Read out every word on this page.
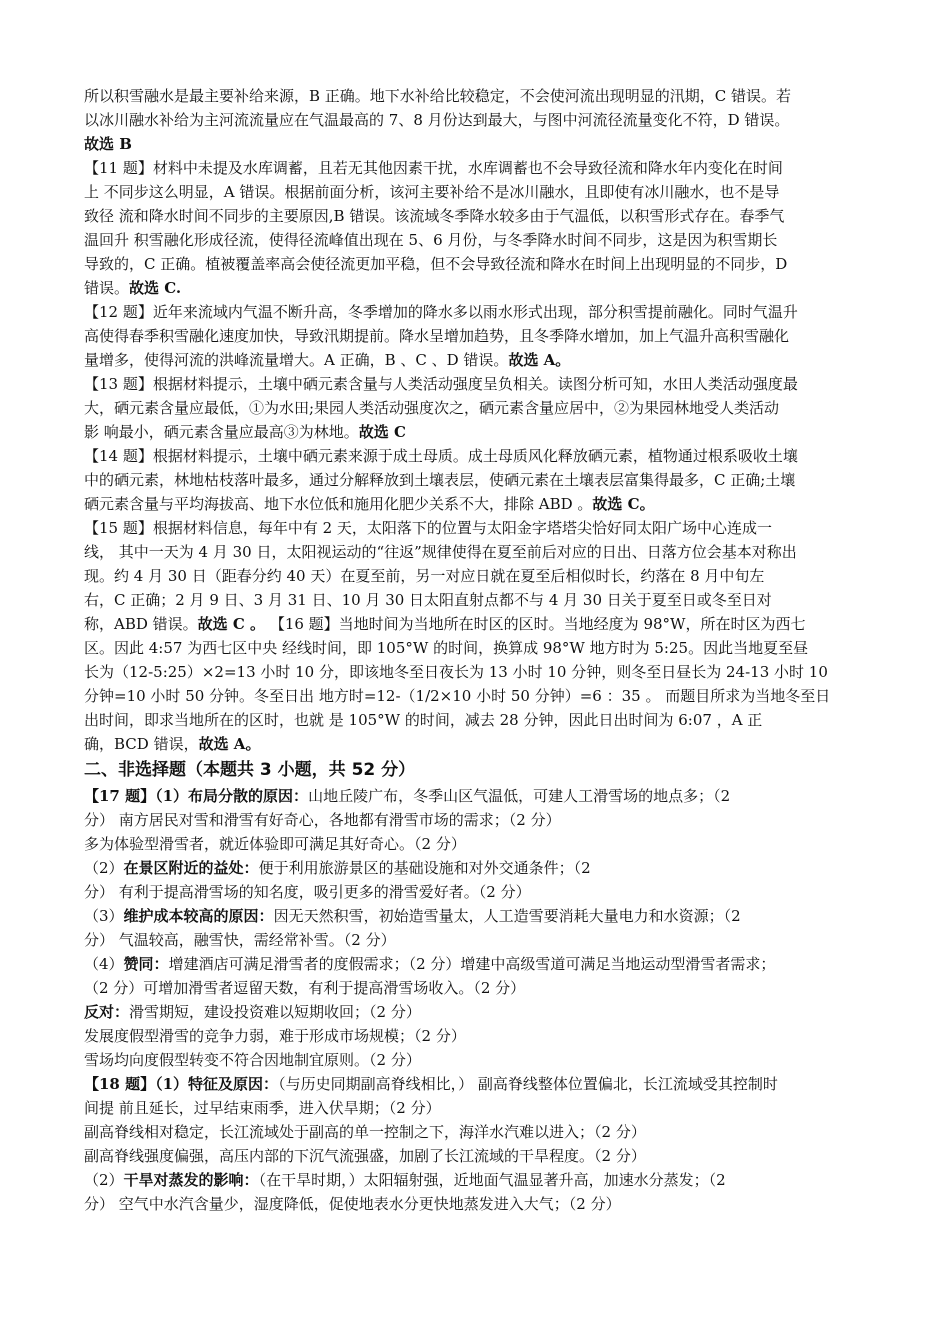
所以积雪融水是最主要补给来源，B 正确。地下水补给比较稳定，不会使河流出现明显的汛期，C 错误。若
以冰川融水补给为主河流流量应在气温最高的 7、8 月份达到最大，与图中河流径流量变化不符，D 错误。
故选 B
【11 题】材料中未提及水库调蓄，且若无其他因素干扰，水库调蓄也不会导致径流和降水年内变化在时间
上 不同步这么明显，A 错误。根据前面分析，该河主要补给不是冰川融水，且即使有冰川融水，也不是导
致径 流和降水时间不同步的主要原因,B 错误。该流域冬季降水较多由于气温低，以积雪形式存在。春季气
温回升 积雪融化形成径流，使得径流峰值出现在 5、6 月份，与冬季降水时间不同步，这是因为积雪期长
导致的，C 正确。植被覆盖率高会使径流更加平稳，但不会导致径流和降水在时间上出现明显的不同步，D
错误。故选 C.
【12 题】近年来流域内气温不断升高，冬季增加的降水多以雨水形式出现，部分积雪提前融化。同时气温升
高使得春季积雪融化速度加快，导致汛期提前。降水呈增加趋势，且冬季降水增加，加上气温升高积雪融化
量增多，使得河流的洪峰流量增大。A 正确，B 、C 、D 错误。故选 A。
【13 题】根据材料提示，土壤中硒元素含量与人类活动强度呈负相关。读图分析可知，水田人类活动强度最
大，硒元素含量应最低，①为水田;果园人类活动强度次之，硒元素含量应居中，②为果园林地受人类活动
影 响最小，硒元素含量应最高③为林地。故选 C
【14 题】根据材料提示，土壤中硒元素来源于成土母质。成土母质风化释放硒元素，植物通过根系吸收土壤
中的硒元素，林地枯枝落叶最多，通过分解释放到土壤表层，使硒元素在土壤表层富集得最多，C 正确;土壤
硒元素含量与平均海拔高、地下水位低和施用化肥少关系不大，排除 ABD 。故选 C。
【15 题】根据材料信息，每年中有 2 天，太阳落下的位置与太阳金字塔塔尖恰好同太阳广场中心连成一
线， 其中一天为 4 月 30 日，太阳视运动的“往返”规律使得在夏至前后对应的日出、日落方位会基本对称出
现。约 4 月 30 日（距春分约 40 天）在夏至前，另一对应日就在夏至后相似时长，约落在 8 月中旬左
右，C 正确；2 月 9 日、3 月 31 日、10 月 30 日太阳直射点都不与 4 月 30 日关于夏至日或冬至日对
称，ABD 错误。故选 C 。 【16 题】当地时间为当地所在时区的区时。当地经度为 98°W，所在时区为西七
区。因此 4:57 为西七区中央 经线时间，即 105°W 的时间，换算成 98°W 地方时为 5:25。因此当地夏至昼
长为（12-5:25）×2=13 小时 10 分，即该地冬至日夜长为 13 小时 10 分钟，则冬至日昼长为 24-13 小时 10
分钟=10 小时 50 分钟。冬至日出 地方时=12-（1/2×10 小时 50 分钟）=6 ：35 。 而题目所求为当地冬至日
出时间，即求当地所在的区时，也就 是 105°W 的时间，减去 28 分钟，因此日出时间为 6:07 ，A 正
确，BCD 错误，故选 A。
二、非选择题（本题共 3 小题，共 52 分）
【17 题】（1）布局分散的原因：山地丘陵广布，冬季山区气温低，可建人工滑雪场的地点多；（2
分） 南方居民对雪和滑雪有好奇心，各地都有滑雪市场的需求；（2 分）
多为体验型滑雪者，就近体验即可满足其好奇心。（2 分）
（2）在景区附近的益处：便于利用旅游景区的基础设施和对外交通条件；（2
分） 有利于提高滑雪场的知名度，吸引更多的滑雪爱好者。（2 分）
（3）维护成本较高的原因：因无天然积雪，初始造雪量太，人工造雪要消耗大量电力和水资源；（2
分） 气温较高，融雪快，需经常补雪。（2 分）
（4）赞同：增建酒店可满足滑雪者的度假需求；（2 分）增建中高级雪道可满足当地运动型滑雪者需求；
（2 分）可增加滑雪者逗留天数，有利于提高滑雪场收入。（2 分）
反对：滑雪期短，建设投资难以短期收回；（2 分）
发展度假型滑雪的竞争力弱，难于形成市场规模；（2 分）
雪场均向度假型转变不符合因地制宜原则。（2 分）
【18 题】（1）特征及原因：（与历史同期副高脊线相比，） 副高脊线整体位置偏北，长江流域受其控制时
间提 前且延长，过早结束雨季，进入伏旱期；（2 分）
副高脊线相对稳定，长江流域处于副高的单一控制之下，海洋水汽难以进入；（2 分）
副高脊线强度偏强，高压内部的下沉气流强盛，加剧了长江流域的干旱程度。（2 分）
（2）干旱对蒸发的影响：（在干旱时期，）太阳辐射强，近地面气温显著升高，加速水分蒸发；（2
分） 空气中水汽含量少，湿度降低，促使地表水分更快地蒸发进入大气；（2 分）
